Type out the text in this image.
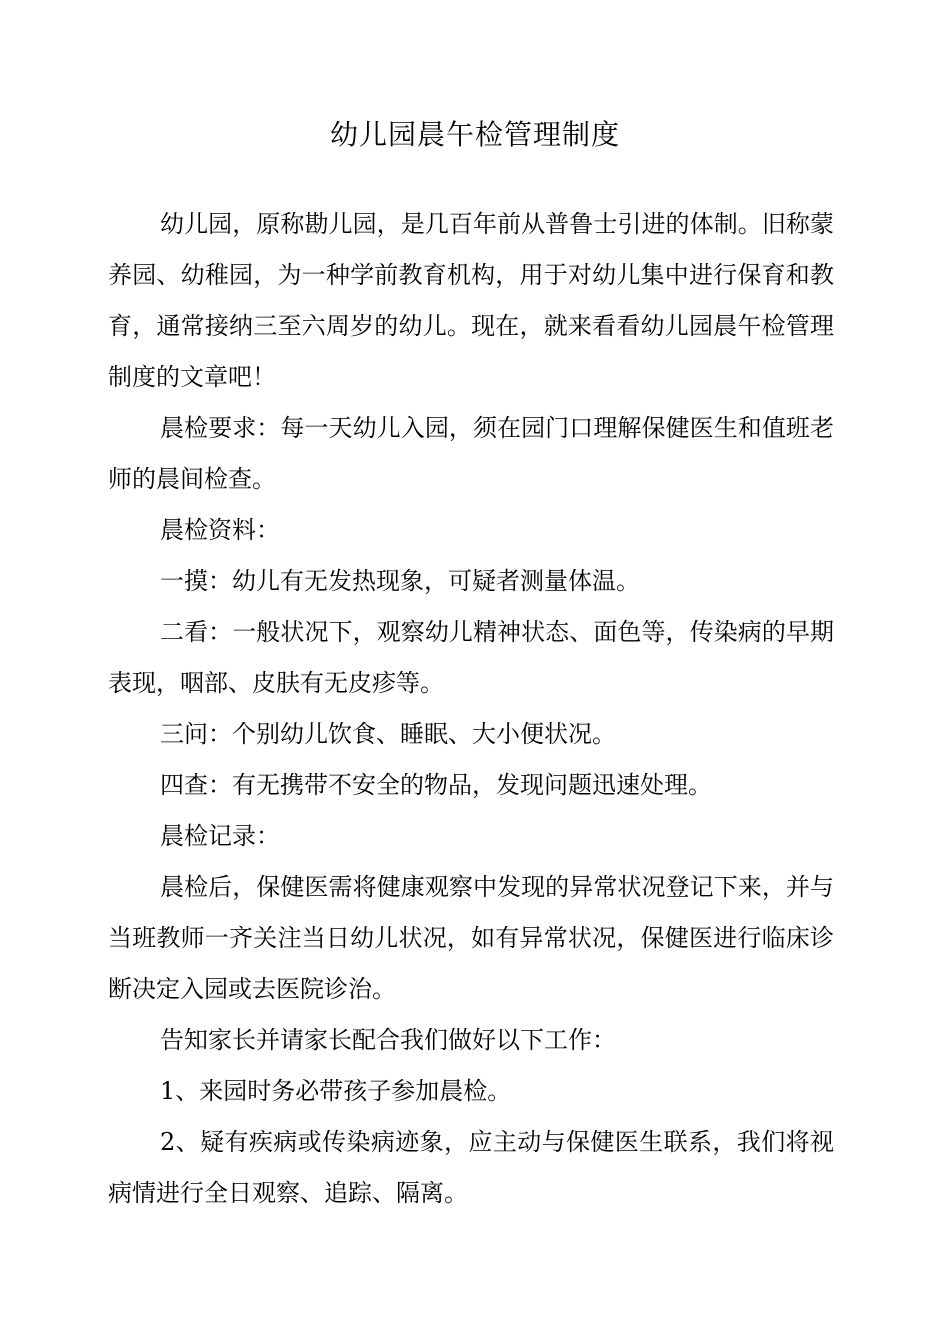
幼儿园晨午检管理制度

幼儿园，原称勘儿园，是几百年前从普鲁士引进的体制。旧称蒙养园、幼稚园，为一种学前教育机构，用于对幼儿集中进行保育和教育，通常接纳三至六周岁的幼儿。现在，就来看看幼儿园晨午检管理制度的文章吧！

晨检要求：每一天幼儿入园，须在园门口理解保健医生和值班老师的晨间检查。

晨检资料：

一摸：幼儿有无发热现象，可疑者测量体温。

二看：一般状况下，观察幼儿精神状态、面色等，传染病的早期表现，咽部、皮肤有无皮疹等。

三问：个别幼儿饮食、睡眠、大小便状况。

四查：有无携带不安全的物品，发现问题迅速处理。

晨检记录：

晨检后，保健医需将健康观察中发现的异常状况登记下来，并与当班教师一齐关注当日幼儿状况，如有异常状况，保健医进行临床诊断决定入园或去医院诊治。

告知家长并请家长配合我们做好以下工作：

1、来园时务必带孩子参加晨检。

2、疑有疾病或传染病迹象，应主动与保健医生联系，我们将视病情进行全日观察、追踪、隔离。
